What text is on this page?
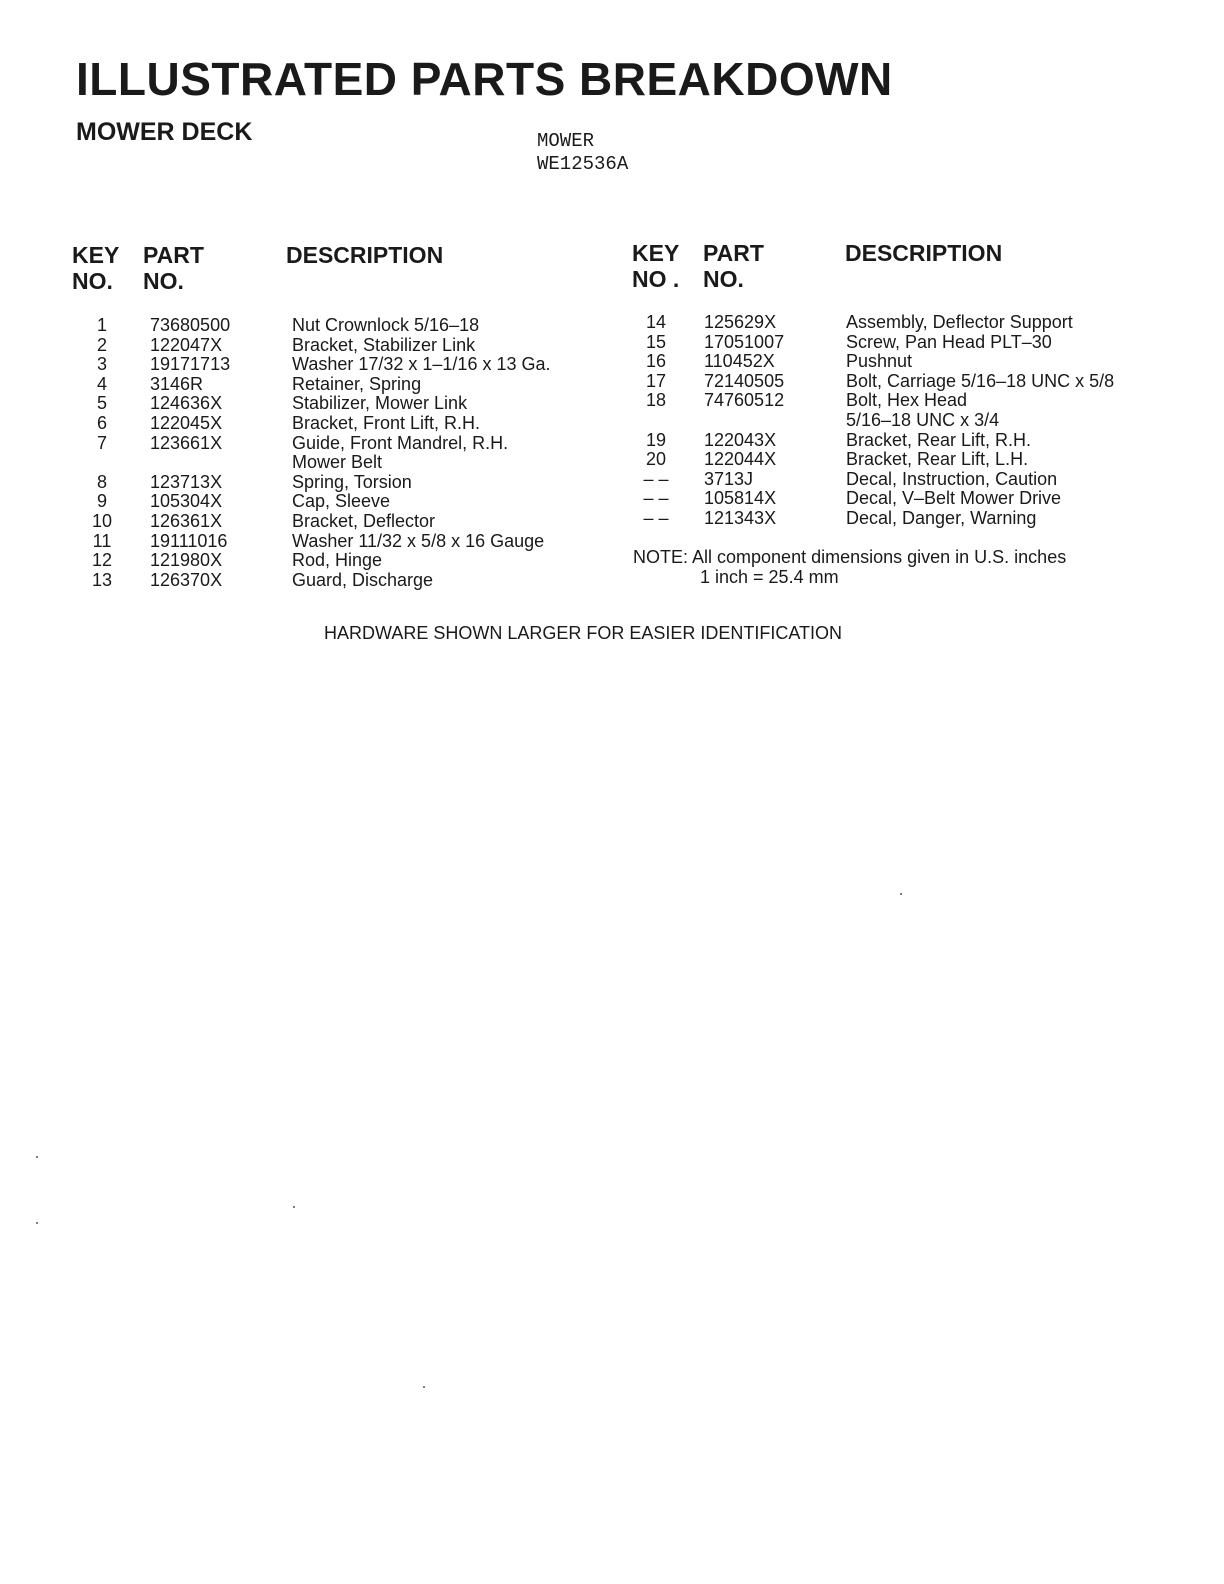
ILLUSTRATED PARTS BREAKDOWN
MOWER DECK	MOWER
WE12536A
KEY
NO.
PART
NO.
DESCRIPTION	KEY
NO .
PART
NO.
DESCRIPTION
1	73680500	Nut Crownlock 5/16–18
2	122047X	Bracket, Stabilizer Link
3	19171713	Washer 17/32 x 1–1/16 x 13 Ga.
4	3146R	Retainer, Spring
5	124636X	Stabilizer, Mower Link
6	122045X	Bracket, Front Lift, R.H.
7	123661X	Guide, Front Mandrel, R.H.
Mower Belt
8	123713X	Spring, Torsion
9	105304X	Cap, Sleeve
10	126361X	Bracket, Deflector
11	19111016	Washer 11/32 x 5/8 x 16 Gauge
12	121980X	Rod, Hinge
13	126370X	Guard, Discharge
14	125629X	Assembly, Deflector Support
15	17051007	Screw, Pan Head PLT–30
16	110452X	Pushnut
17	72140505	Bolt, Carriage 5/16–18 UNC x 5/8
18	74760512	Bolt, Hex Head
5/16–18 UNC x 3/4
19	122043X	Bracket, Rear Lift, R.H.
20	122044X	Bracket, Rear Lift, L.H.
– –	3713J	Decal, Instruction, Caution
– –	105814X	Decal, V–Belt Mower Drive
– –	121343X	Decal, Danger, Warning
NOTE: All component dimensions given in U.S. inches
1 inch = 25.4 mm
HARDWARE SHOWN LARGER FOR EASIER IDENTIFICATION
